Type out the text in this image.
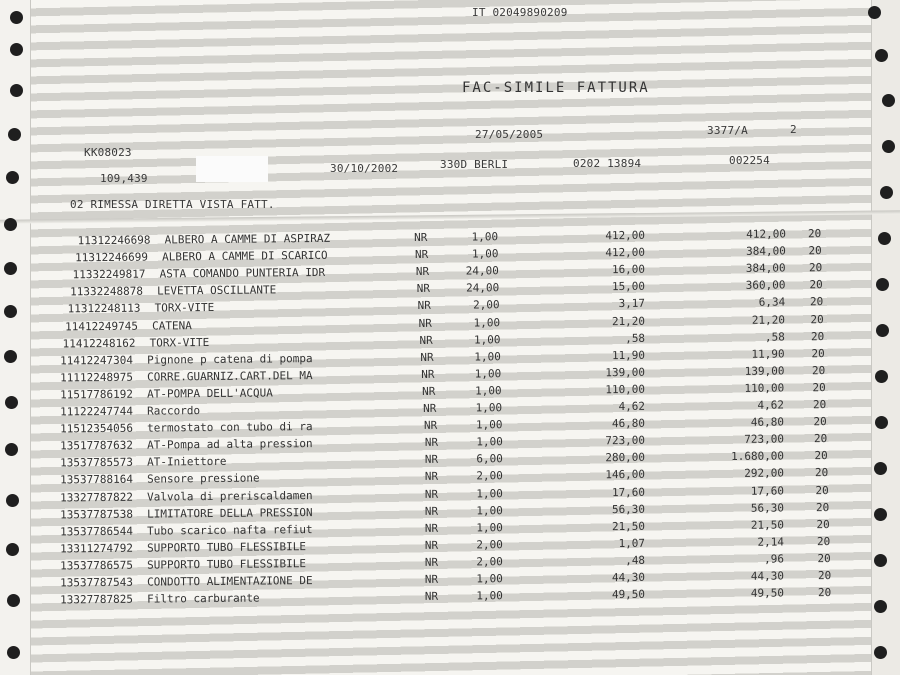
IT 02049890209
FAC-SIMILE FATTURA
27/05/2005	3377/A	2
KK08023
109,439
30/10/2002	330D BERLI	0202 13894	002254
02 RIMESSA DIRETTA VISTA FATT.
11312246698 ALBERO A CAMME DI ASPIRAZ	NR	1,00	412,00	412,00 20
11312246699 ALBERO A CAMME DI SCARICO	NR	1,00	412,00	384,00 20
11332249817 ASTA COMANDO PUNTERIA IDR	NR	24,00	16,00	384,00 20
11332248878 LEVETTA OSCILLANTE	NR	24,00	15,00	360,00 20
11312248113 TORX-VITE	NR	2,00	3,17	6,34 20
11412249745 CATENA	NR	1,00	21,20	21,20 20
11412248162 TORX-VITE	NR	1,00	,58	,58 20
11412247304 Pignone p catena di pompa	NR	1,00	11,90	11,90 20
11112248975 CORRE.GUARNIZ.CART.DEL MA	NR	1,00	139,00	139,00 20
11517786192 AT-POMPA DELL'ACQUA	NR	1,00	110,00	110,00	20
11122247744 Raccordo	NR	1,00	4,62	4,62	20
11512354056 termostato con tubo di ra	NR	1,00	46,80	46,80	20
13517787632 AT-Pompa ad alta pression	NR	1,00	723,00	723,00	20
13537785573 AT-Iniettore	NR	6,00	280,00	1.680,00	20
13537788164 Sensore pressione	NR	2,00	146,00	292,00	20
13327787822 Valvola di preriscaldamen	NR	1,00	17,60	17,60	20
13537787538 LIMITATORE DELLA PRESSION	NR	1,00	56,30	56,30	20
13537786544 Tubo scarico nafta refiut	NR	1,00	21,50	21,50	20
13311274792 SUPPORTO TUBO FLESSIBILE	NR	2,00	1,07	2,14	20
13537786575 SUPPORTO TUBO FLESSIBILE	NR	2,00	,48	,96	20
13537787543 CONDOTTO ALIMENTAZIONE DE	NR	1,00	44,30	44,30	20
13327787825 Filtro carburante	NR	1,00	49,50	49,50	20
